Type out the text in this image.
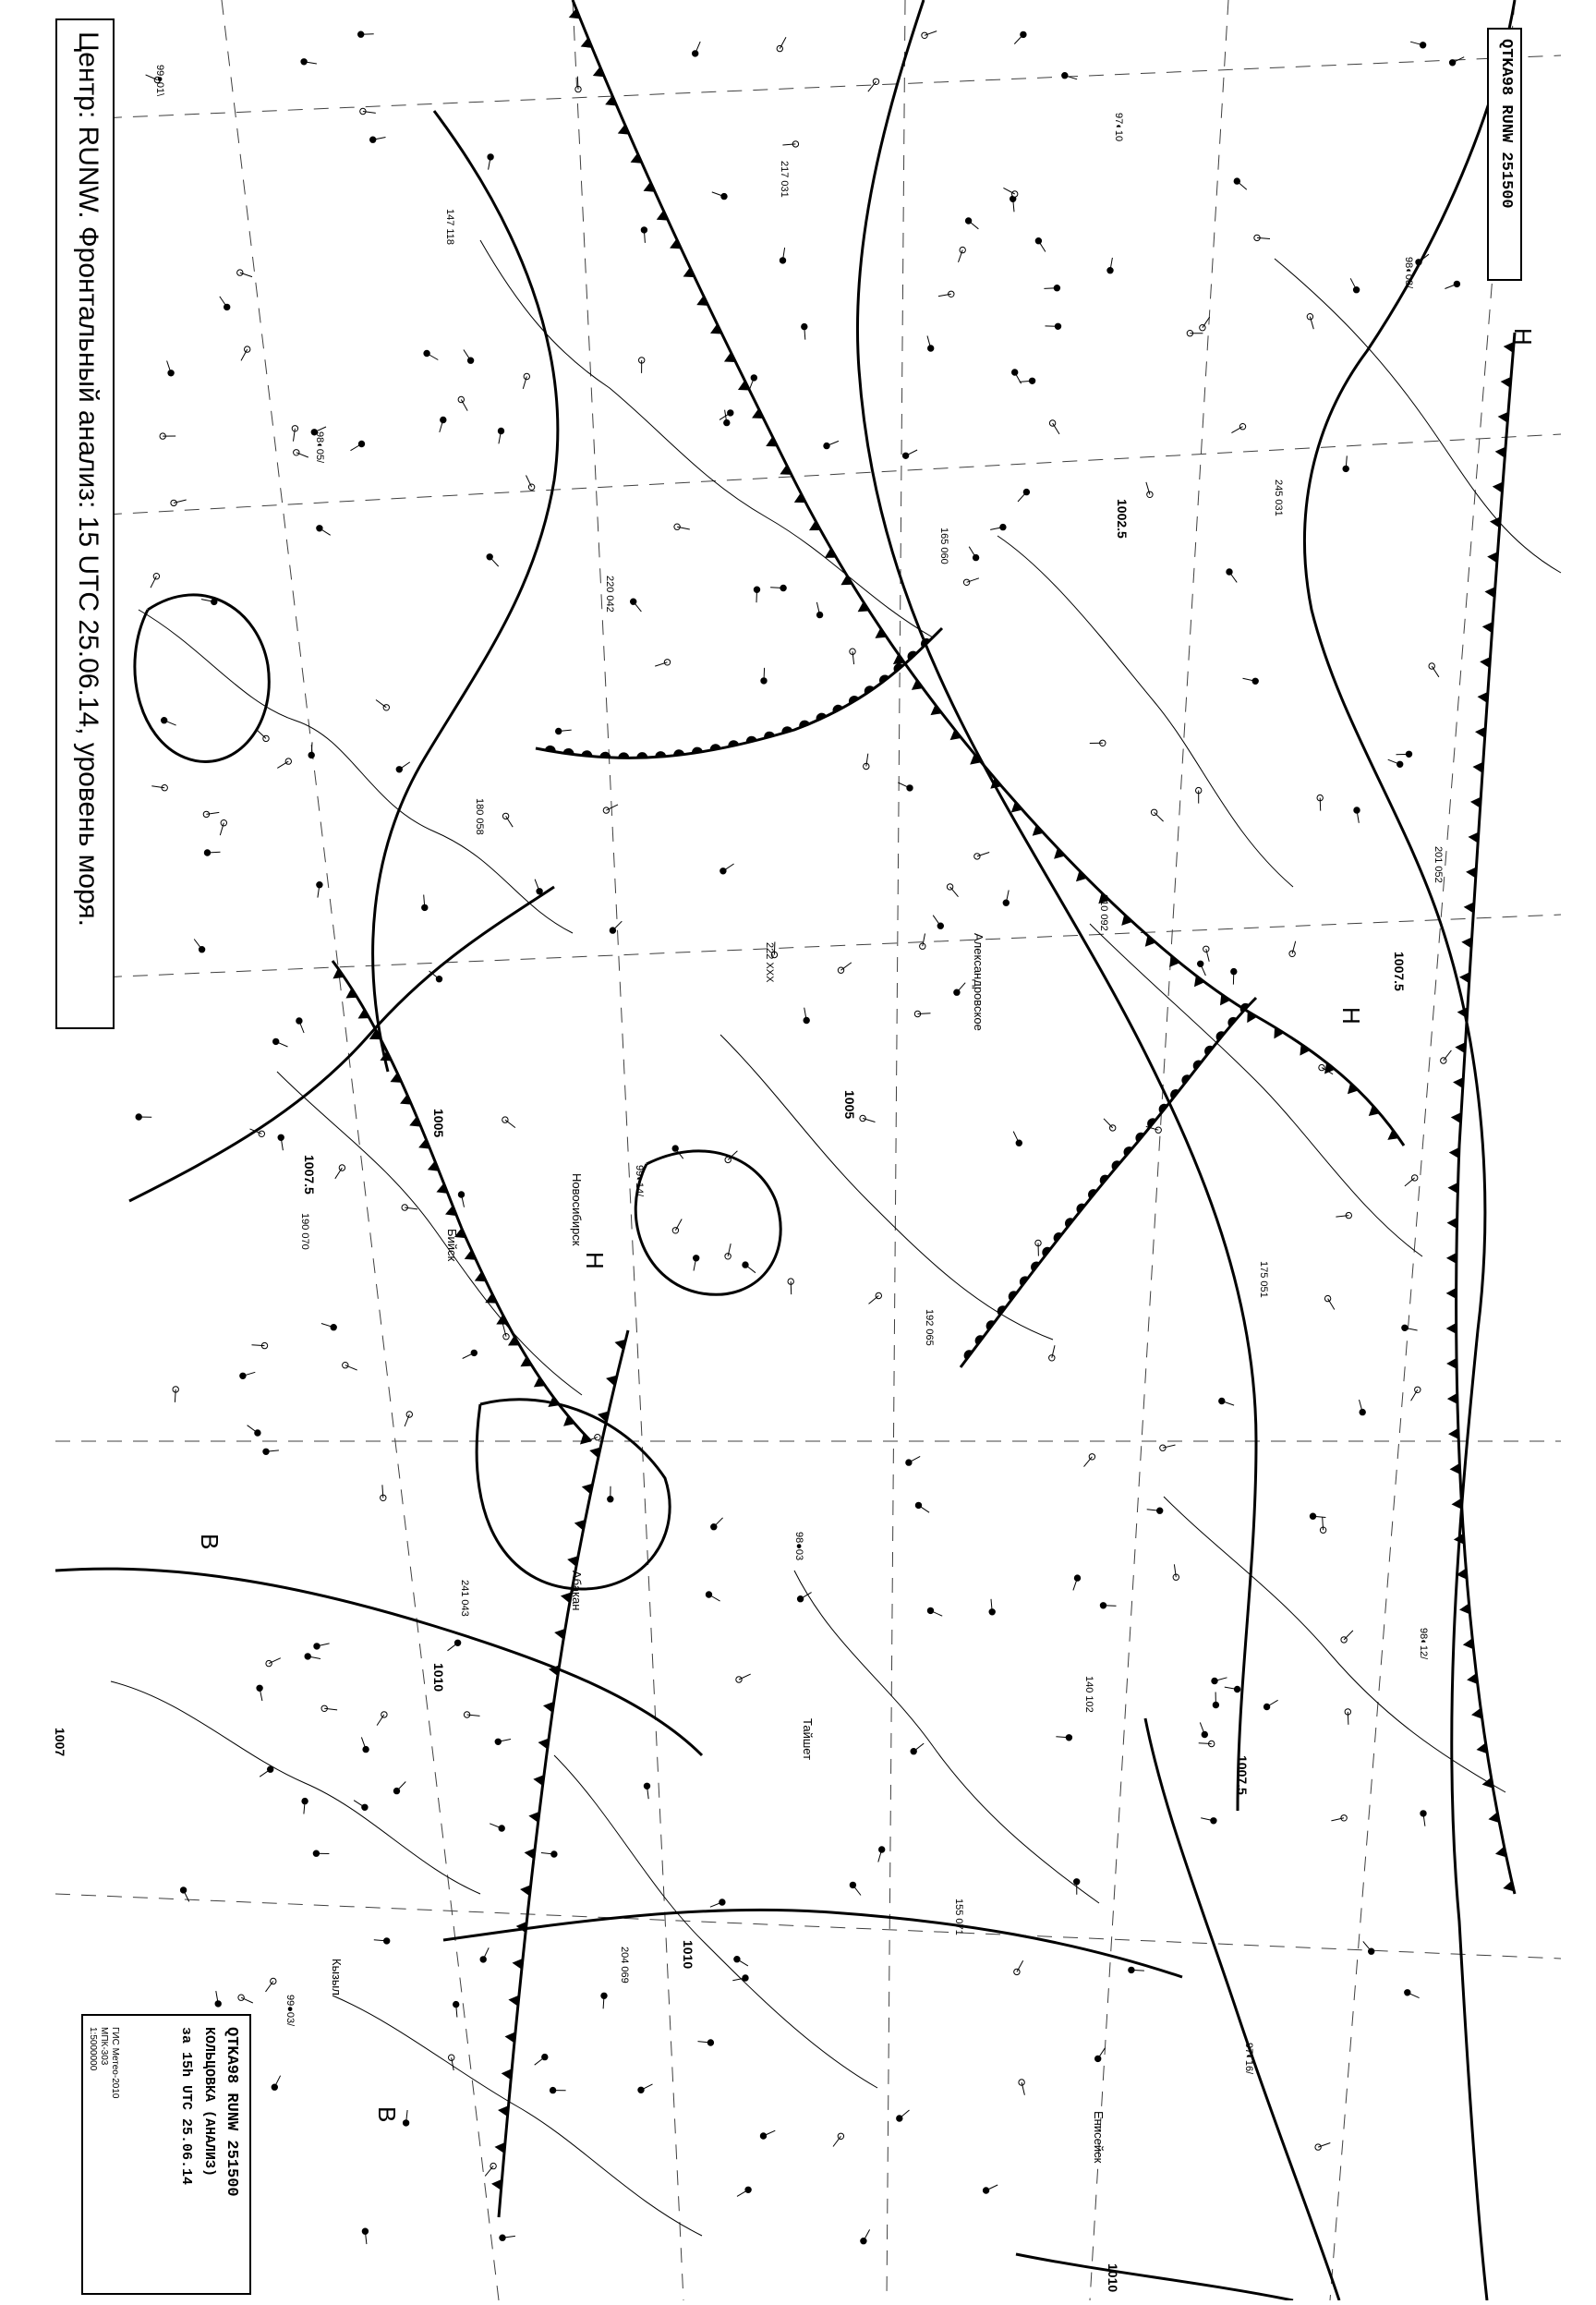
99●01\
98◐05/
180 058
99◐14/
98●03
155 071
97◐10
245 031
201 052
190 070
241 043
204 069
217 031
165 060
210 092
175 051
98◐12/
99●03/
147 118
220 042
222 XXX
192 065
140 102
97◐16/
98◐08/
Н
Н
Н
В
В
1002.5
1005
1005
1007.5
1007.5
1007.5
1010
1010
1010
1007
Александровское
Новосибирск
Бийск
Кызыл
Абакан
Енисейск
Тайшет
Центр: RUNW. Фронтальный анализ: 15 UTC 25.06.14, уровень моря.	QTKA98 RUNW 251500
QTKA98 RUNW 251500
КОЛЬЦОВКА (АНАЛИЗ)
за 15h UTC 25.06.14
ГИС Метео-2010
МПК-303
1:5000000
